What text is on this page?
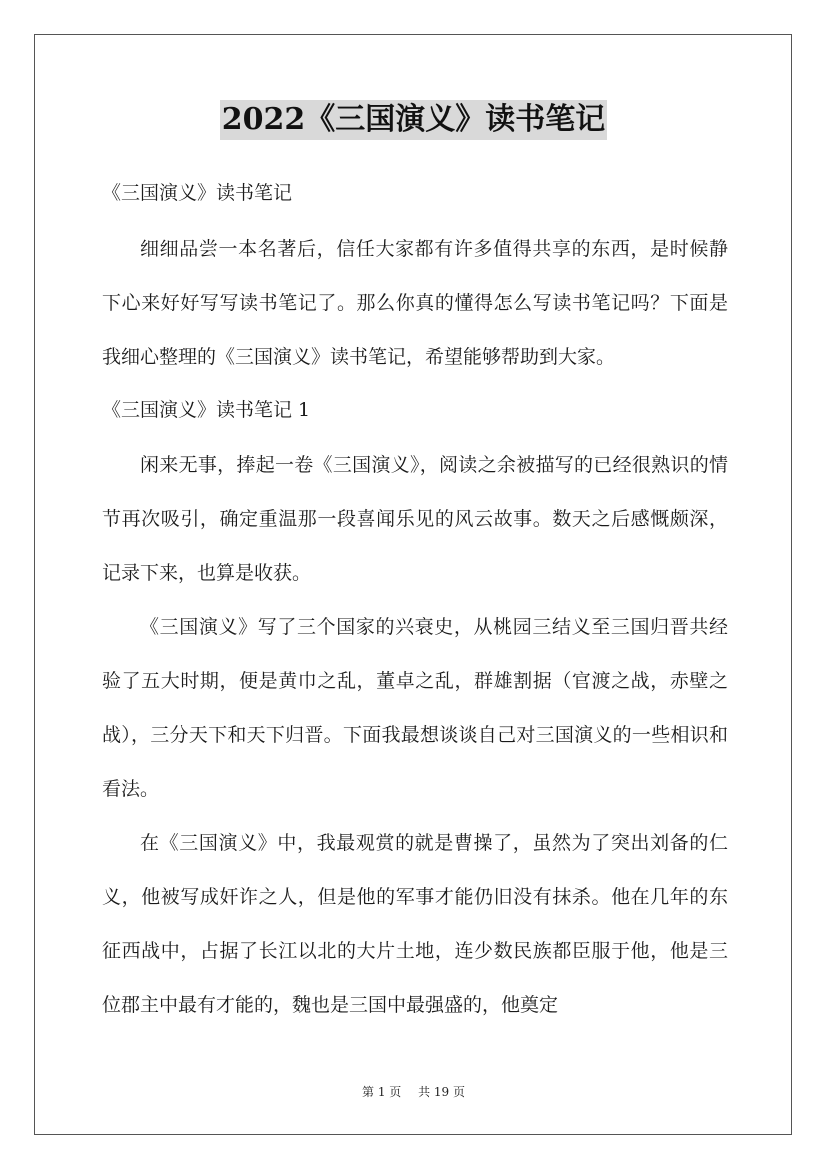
2022《三国演义》读书笔记
《三国演义》读书笔记
细细品尝一本名著后，信任大家都有许多值得共享的东西，是时候静下心来好好写写读书笔记了。那么你真的懂得怎么写读书笔记吗？下面是我细心整理的《三国演义》读书笔记，希望能够帮助到大家。
《三国演义》读书笔记 1
闲来无事，捧起一卷《三国演义》，阅读之余被描写的已经很熟识的情节再次吸引，确定重温那一段喜闻乐见的风云故事。数天之后感慨颇深，记录下来，也算是收获。
《三国演义》写了三个国家的兴衰史，从桃园三结义至三国归晋共经验了五大时期，便是黄巾之乱，董卓之乱，群雄割据（官渡之战，赤壁之战），三分天下和天下归晋。下面我最想谈谈自己对三国演义的一些相识和看法。
在《三国演义》中，我最观赏的就是曹操了，虽然为了突出刘备的仁义，他被写成奸诈之人，但是他的军事才能仍旧没有抹杀。他在几年的东征西战中，占据了长江以北的大片土地，连少数民族都臣服于他，他是三位郡主中最有才能的，魏也是三国中最强盛的，他奠定
第 1 页 共 19 页
